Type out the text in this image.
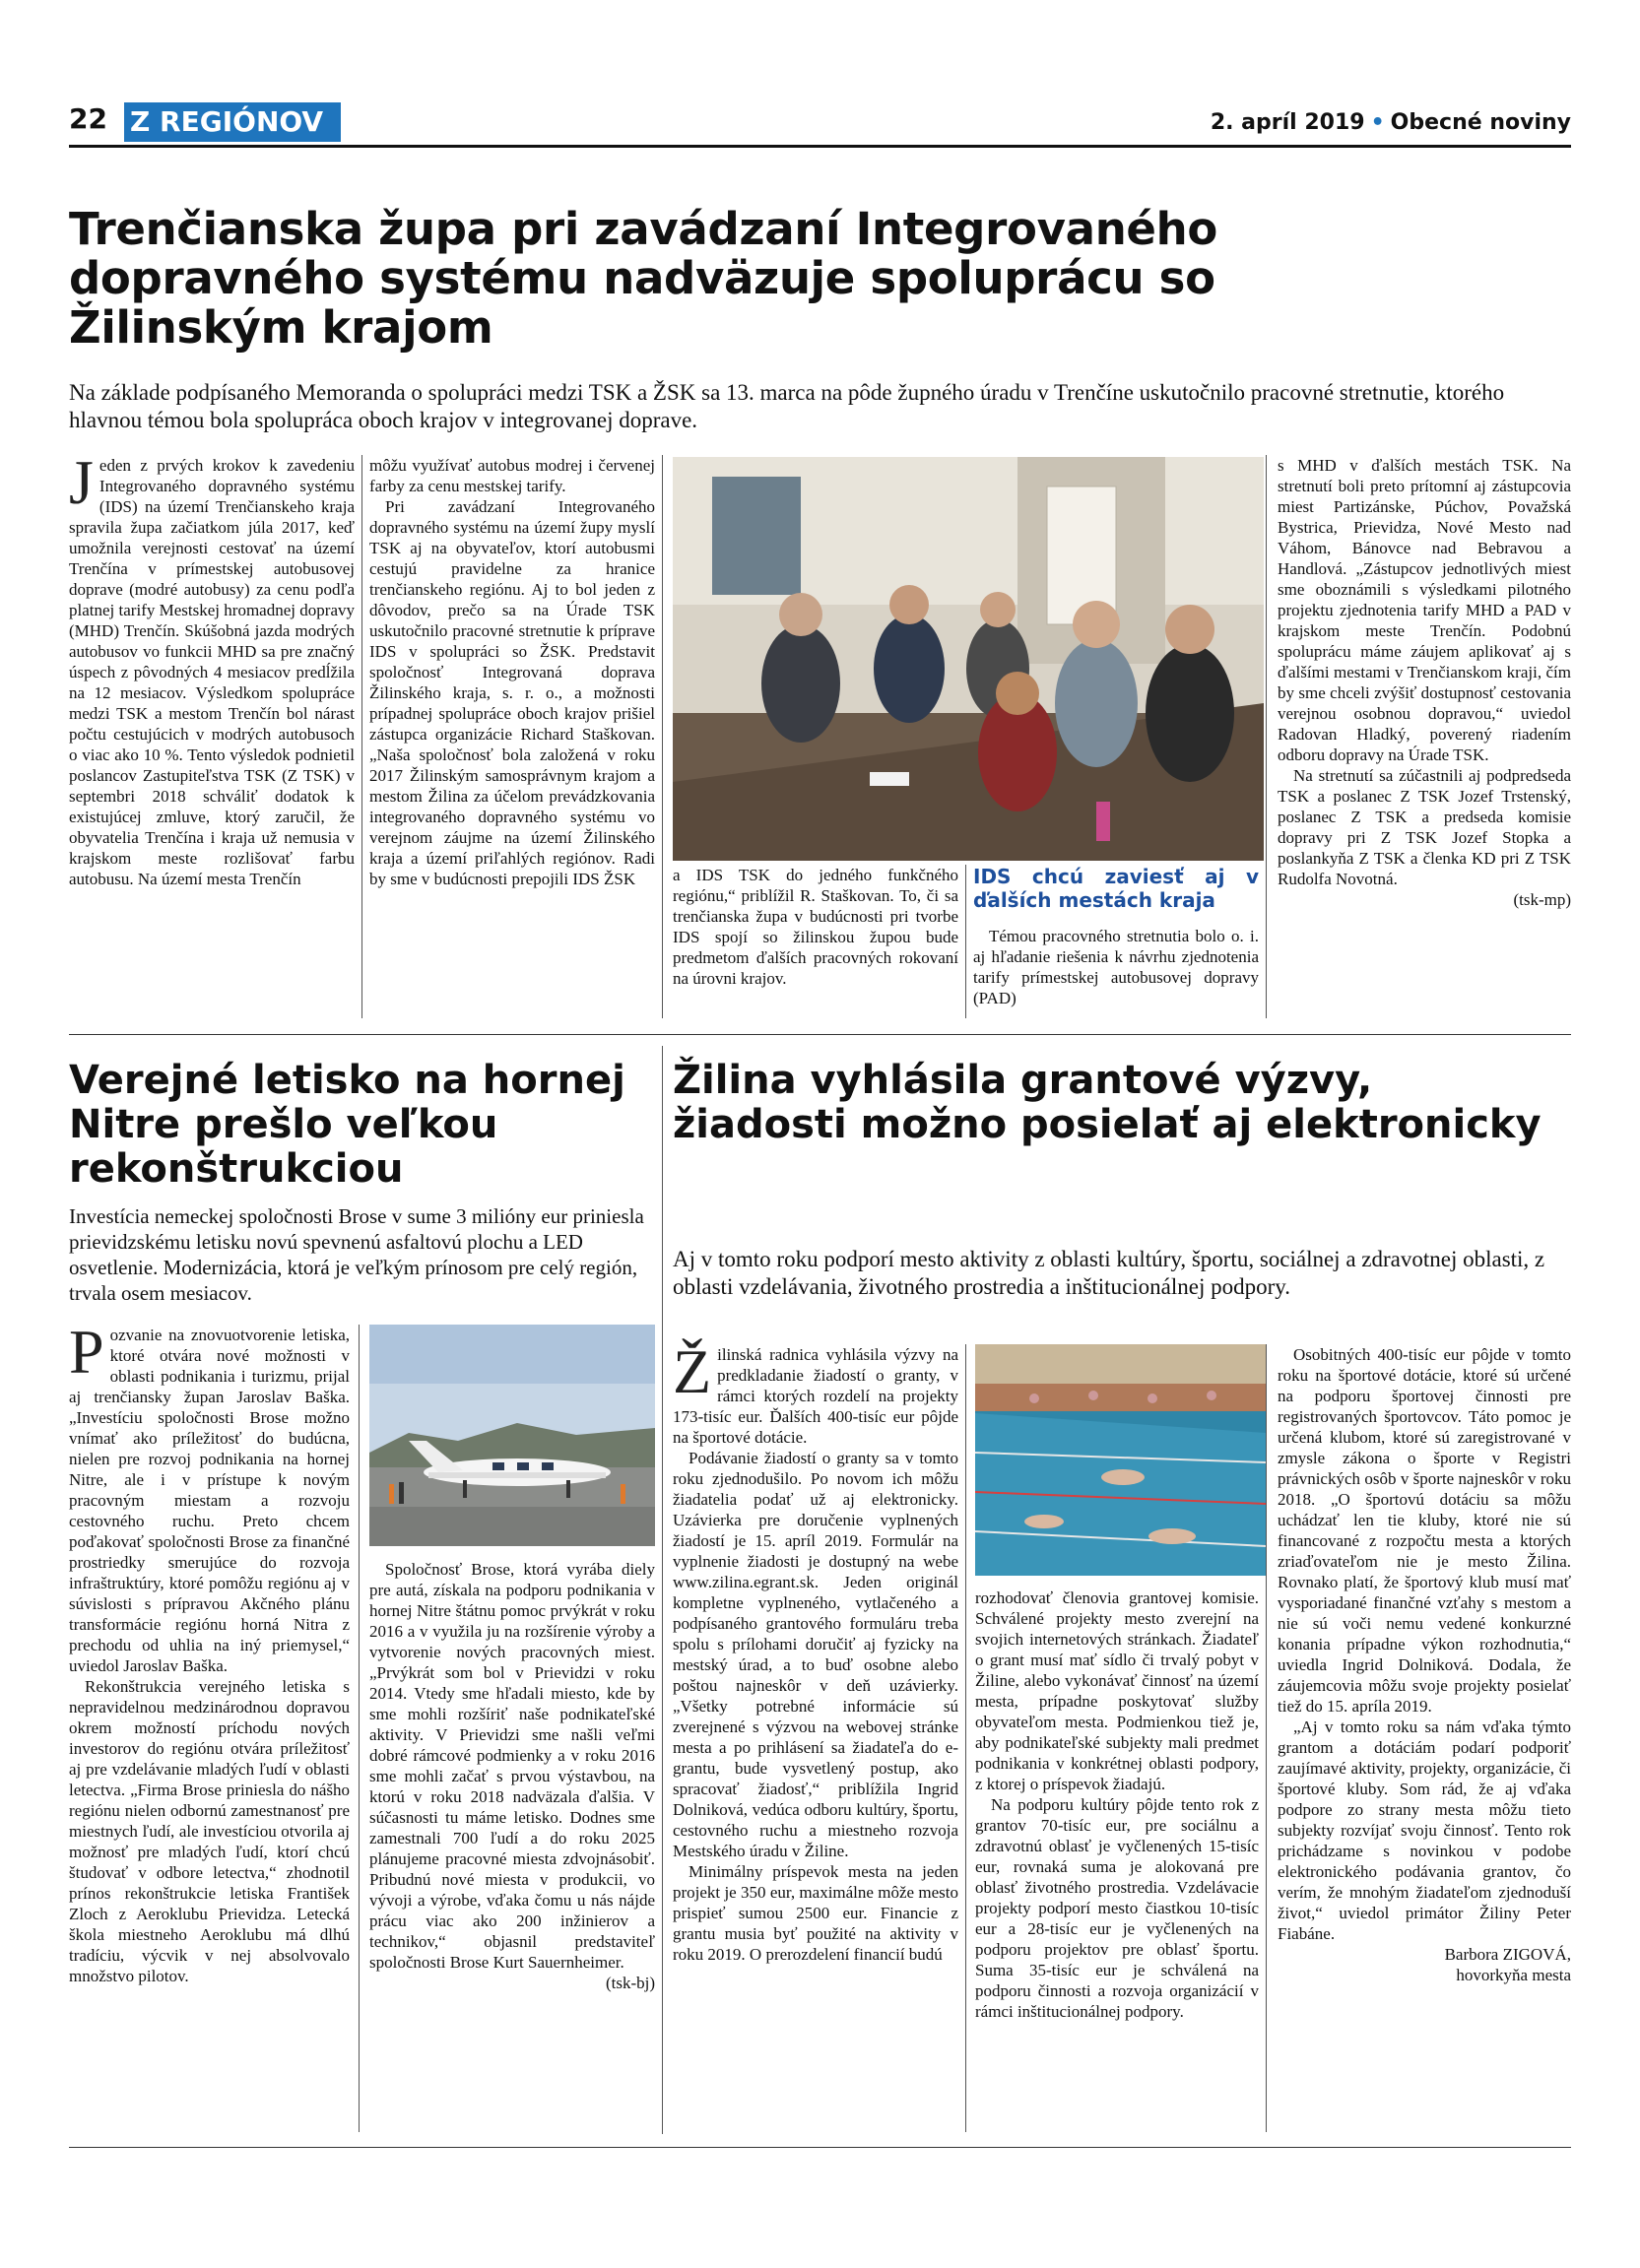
22 Z REGIÓNOV	2. apríl 2019 • Obecné noviny
Trenčianska župa pri zavádzaní Integrovaného dopravného systému nadväzuje spoluprácu so Žilinským krajom
Na základe podpísaného Memoranda o spolupráci medzi TSK a ŽSK sa 13. marca na pôde župného úradu v Trenčíne uskutočnilo pracovné stretnutie, ktorého hlavnou témou bola spolupráca oboch krajov v integrovanej doprave.
J eden z prvých krokov k zavedeniu Integrovaného dopravného systému (IDS) na území Trenčianskeho kraja spravila župa začiatkom júla 2017, keď umožnila verejnosti cestovať na území Trenčína v prímestskej autobusovej doprave (modré autobusy) za cenu podľa platnej tarify Mestskej hromadnej dopravy (MHD) Trenčín. Skúšobná jazda modrých autobusov vo funkcii MHD sa pre značný úspech z pôvodných 4 mesiacov predĺžila na 12 mesiacov. Výsledkom spolupráce medzi TSK a mestom Trenčín bol nárast počtu cestujúcich v modrých autobusoch o viac ako 10 %. Tento výsledok podnietil poslancov Zastupiteľstva TSK (Z TSK) v septembri 2018 schváliť dodatok k existujúcej zmluve, ktorý zaručil, že obyvatelia Trenčína i kraja už nemusia v krajskom meste rozlišovať farbu autobusu. Na území mesta Trenčín

môžu využívať autobus modrej i červenej farby za cenu mestskej tarify.

Pri zavádzaní Integrovaného dopravného systému na území župy myslí TSK aj na obyvateľov, ktorí autobusmi cestujú pravidelne za hranice trenčianskeho regiónu. Aj to bol jeden z dôvodov, prečo sa na Úrade TSK uskutočnilo pracovné stretnutie k príprave IDS v spolupráci so ŽSK. Predstavit spoločnosť Integrovaná doprava Žilinského kraja, s. r. o., a možnosti prípadnej spolupráce oboch krajov prišiel zástupca organizácie Richard Staškovan. „Naša spoločnosť bola založená v roku 2017 Žilinským samosprávnym krajom a mestom Žilina za účelom prevádzkovania integrovaného dopravného systému vo verejnom záujme na území Žilinského kraja a území priľahlých regiónov. Radi by sme v budúcnosti prepojili IDS ŽSK	a IDS TSK do jedného funkčného regiónu,“ priblížil R. Staškovan. To, či sa trenčianska župa v budúcnosti pri tvorbe IDS spojí so žilinskou župou bude predmetom ďalších pracovných rokovaní na úrovni krajov.

IDS chcú zaviesť aj v ďalších mestách kraja

Témou pracovného stretnutia bolo o. i. aj hľadanie riešenia k návrhu zjednotenia tarify prímestskej autobusovej dopravy (PAD)

s MHD v ďalších mestách TSK. Na stretnutí boli preto prítomní aj zástupcovia miest Partizánske, Púchov, Považská Bystrica, Prievidza, Nové Mesto nad Váhom, Bánovce nad Bebravou a Handlová. „Zástupcov jednotlivých miest sme oboznámili s výsledkami pilotného projektu zjednotenia tarify MHD a PAD v krajskom meste Trenčín. Podobnú spoluprácu máme záujem aplikovať aj s ďalšími mestami v Trenčianskom kraji, čím by sme chceli zvýšiť dostupnosť cestovania verejnou osobnou dopravou,“ uviedol Radovan Hladký, poverený riadením odboru dopravy na Úrade TSK.

Na stretnutí sa zúčastnili aj podpredseda TSK a poslanec Z TSK Jozef Trstenský, poslanec Z TSK a predseda komisie dopravy pri Z TSK Jozef Stopka a poslankyňa Z TSK a členka KD pri Z TSK Rudolfa Novotná.

(tsk-mp)
Verejné letisko na hornej Nitre prešlo veľkou rekonštrukciou
Investícia nemeckej spoločnosti Brose v sume 3 milióny eur priniesla prievidzskému letisku novú spevnenú asfaltovú plochu a LED osvetlenie. Modernizácia, ktorá je veľkým prínosom pre celý región, trvala osem mesiacov.
P ozvanie na znovuotvorenie letiska, ktoré otvára nové možnosti v oblasti podnikania i turizmu, prijal aj trenčiansky župan Jaroslav Baška. „Investíciu spoločnosti Brose možno vnímať ako príležitosť do budúcna, nielen pre rozvoj podnikania na hornej Nitre, ale i v prístupe k novým pracovným miestam a rozvoju cestovného ruchu. Preto chcem poďakovať spoločnosti Brose za finančné prostriedky smerujúce do rozvoja infraštruktúry, ktoré pomôžu regiónu aj v súvislosti s prípravou Akčného plánu transformácie regiónu horná Nitra z prechodu od uhlia na iný priemysel,“ uviedol Jaroslav Baška.

Rekonštrukcia verejného letiska s nepravidelnou medzinárodnou dopravou okrem možností príchodu nových investorov do regiónu otvára príležitosť aj pre vzdelávanie mladých ľudí v oblasti letectva. „Firma Brose priniesla do nášho regiónu nielen odbornú zamestnanosť pre miestnych ľudí, ale investíciou otvorila aj možnosť pre mladých ľudí, ktorí chcú študovať v odbore letectva,“ zhodnotil prínos rekonštrukcie letiska František Zloch z Aeroklubu Prievidza. Letecká škola miestneho Aeroklubu má dlhú tradíciu, výcvik v nej absolvovalo množstvo pilotov.

Spoločnosť Brose, ktorá vyrába diely pre autá, získala na podporu podnikania v hornej Nitre štátnu pomoc prvýkrát v roku 2016 a v využila ju na rozšírenie výroby a vytvorenie nových pracovných miest. „Prvýkrát som bol v Prievidzi v roku 2014. Vtedy sme hľadali miesto, kde by sme mohli rozšíriť naše podnikateľské aktivity. V Prievidzi sme našli veľmi dobré rámcové podmienky a v roku 2016 sme mohli začať s prvou výstavbou, na ktorú v roku 2018 nadväzala ďalšia. V súčasnosti tu máme letisko. Dodnes sme zamestnali 700 ľudí a do roku 2025 plánujeme pracovné miesta zdvojnásobiť. Pribudnú nové miesta v produkcii, vo vývoji a výrobe, vďaka čomu u nás nájde prácu viac ako 200 inžinierov a technikov,“ objasnil predstaviteľ spoločnosti Brose Kurt Sauernheimer.

(tsk-bj)
Žilina vyhlásila grantové výzvy, žiadosti možno posielať aj elektronicky
Aj v tomto roku podporí mesto aktivity z oblasti kultúry, športu, sociálnej a zdravotnej oblasti, z oblasti vzdelávania, životného prostredia a inštitucionálnej podpory.
Ž ilinská radnica vyhlásila výzvy na predkladanie žiadostí o granty, v rámci ktorých rozdelí na projekty 173-tisíc eur. Ďalších 400-tisíc eur pôjde na športové dotácie.

Podávanie žiadostí o granty sa v tomto roku zjednodušilo. Po novom ich môžu žiadatelia podať už aj elektronicky. Uzávierka pre doručenie vyplnených žiadostí je 15. apríl 2019. Formulár na vyplnenie žiadosti je dostupný na webe www.zilina.egrant.sk. Jeden originál kompletne vyplneného, vytlačeného a podpísaného grantového formuláru treba spolu s prílohami doručiť aj fyzicky na mestský úrad, a to buď osobne alebo poštou najneskôr v deň uzávierky. „Všetky potrebné informácie sú zverejnené s výzvou na webovej stránke mesta a po prihlásení sa žiadateľa do e-grantu, bude vysvetlený postup, ako spracovať žiadosť,“ priblížila Ingrid Dolniková, vedúca odboru kultúry, športu, cestovného ruchu a miestneho rozvoja Mestského úradu v Žiline.

Minimálny príspevok mesta na jeden projekt je 350 eur, maximálne môže mesto prispieť sumou 2500 eur. Financie z grantu musia byť použité na aktivity v roku 2019. O prerozdelení financií budú

rozhodovať členovia grantovej komisie. Schválené projekty mesto zverejní na svojich internetových stránkach. Žiadateľ o grant musí mať sídlo či trvalý pobyt v Žiline, alebo vykonávať činnosť na území mesta, prípadne poskytovať služby obyvateľom mesta. Podmienkou tiež je, aby podnikateľské subjekty mali predmet podnikania v konkrétnej oblasti podpory, z ktorej o príspevok žiadajú.

Na podporu kultúry pôjde tento rok z grantov 70-tisíc eur, pre sociálnu a zdravotnú oblasť je vyčlenených 15-tisíc eur, rovnaká suma je alokovaná pre oblasť životného prostredia. Vzdelávacie projekty podporí mesto čiastkou 10-tisíc eur a 28-tisíc eur je vyčlenených na podporu projektov pre oblasť športu. Suma 35-tisíc eur je schválená na podporu činnosti a rozvoja organizácií v rámci inštitucionálnej podpory.

Osobitných 400-tisíc eur pôjde v tomto roku na športové dotácie, ktoré sú určené na podporu športovej činnosti pre registrovaných športovcov. Táto pomoc je určená klubom, ktoré sú zaregistrované v zmysle zákona o športe v Registri právnických osôb v športe najneskôr v roku 2018. „O športovú dotáciu sa môžu uchádzať len tie kluby, ktoré nie sú financované z rozpočtu mesta a ktorých zriaďovateľom nie je mesto Žilina. Rovnako platí, že športový klub musí mať vysporiadané finančné vzťahy s mestom a nie sú voči nemu vedené konkurzné konania prípadne výkon rozhodnutia,“ uviedla Ingrid Dolniková. Dodala, že záujemcovia môžu svoje projekty posielať tiež do 15. apríla 2019.

„Aj v tomto roku sa nám vďaka týmto grantom a dotáciám podarí podporiť zaujímavé aktivity, projekty, organizácie, či športové kluby. Som rád, že aj vďaka podpore zo strany mesta môžu tieto subjekty rozvíjať svoju činnosť. Tento rok prichádzame s novinkou v podobe elektronického podávania grantov, čo verím, že mnohým žiadateľom zjednoduší život,“ uviedol primátor Žiliny Peter Fiabáne.

Barbora ZIGOVÁ,
hovorkyňa mesta
